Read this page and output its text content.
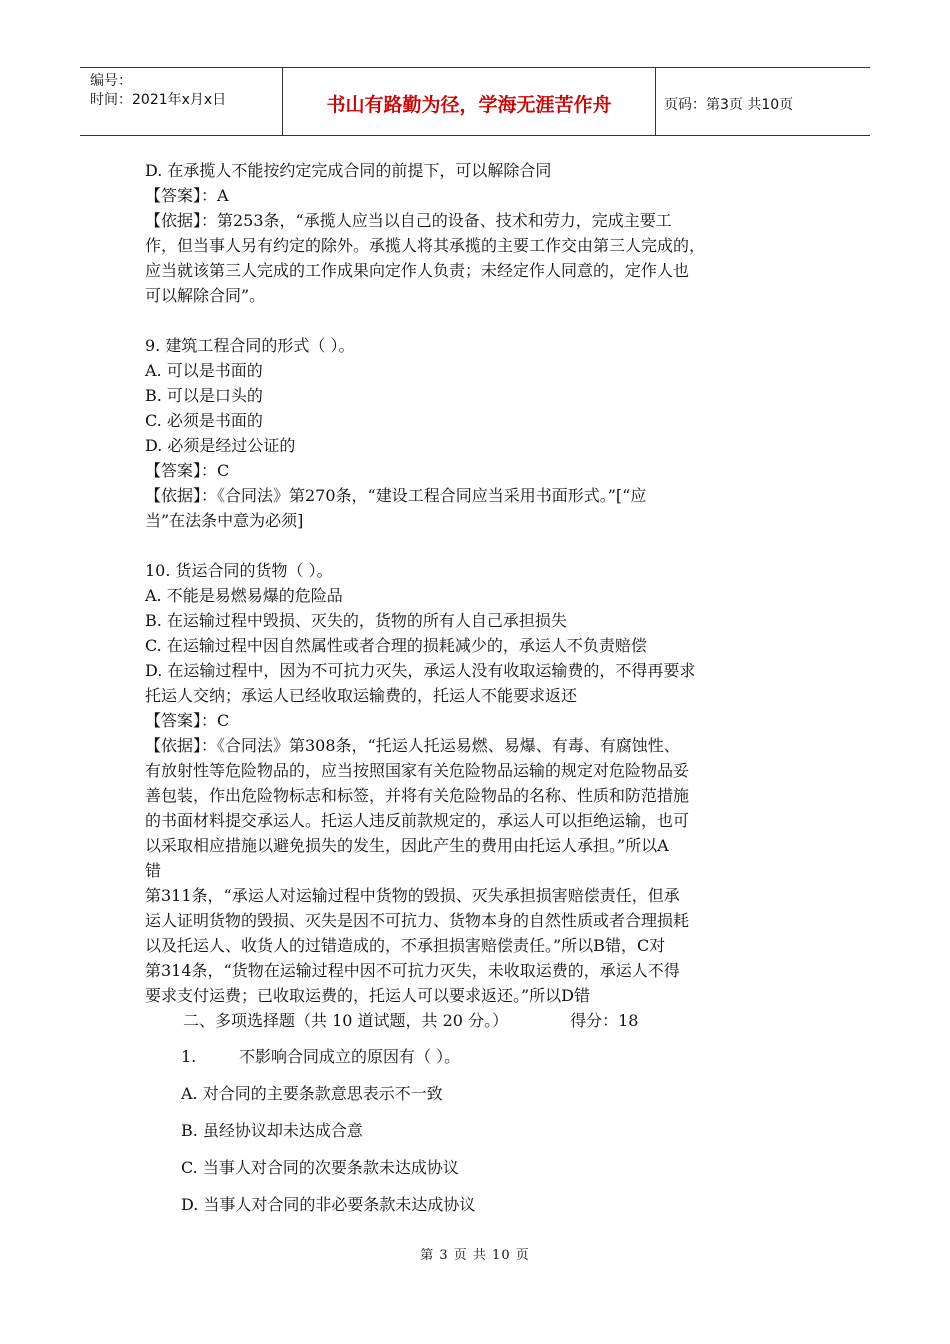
编号：
时间：2021年x月x日	书山有路勤为径，学海无涯苦作舟	页码：第3页 共10页

D. 在承揽人不能按约定完成合同的前提下，可以解除合同

【答案】：A

【依据】：第253条，“承揽人应当以自己的设备、技术和劳力，完成主要工

作，但当事人另有约定的除外。承揽人将其承揽的主要工作交由第三人完成的，

应当就该第三人完成的工作成果向定作人负责；未经定作人同意的，定作人也

可以解除合同”。

9. 建筑工程合同的形式（ ）。

A. 可以是书面的

B. 可以是口头的

C. 必须是书面的

D. 必须是经过公证的

【答案】：C

【依据】：《合同法》第270条，“建设工程合同应当采用书面形式。”[“应

当”在法条中意为必须]

10. 货运合同的货物（ ）。

A. 不能是易燃易爆的危险品

B. 在运输过程中毁损、灭失的，货物的所有人自己承担损失

C. 在运输过程中因自然属性或者合理的损耗减少的，承运人不负责赔偿

D. 在运输过程中，因为不可抗力灭失，承运人没有收取运输费的，不得再要求

托运人交纳；承运人已经收取运输费的，托运人不能要求返还

【答案】：C

【依据】：《合同法》第308条，“托运人托运易燃、易爆、有毒、有腐蚀性、

有放射性等危险物品的，应当按照国家有关危险物品运输的规定对危险物品妥

善包装，作出危险物标志和标签，并将有关危险物品的名称、性质和防范措施

的书面材料提交承运人。托运人违反前款规定的，承运人可以拒绝运输，也可

以采取相应措施以避免损失的发生，因此产生的费用由托运人承担。”所以A

错

第311条，“承运人对运输过程中货物的毁损、灭失承担损害赔偿责任，但承

运人证明货物的毁损、灭失是因不可抗力、货物本身的自然性质或者合理损耗

以及托运人、收货人的过错造成的，不承担损害赔偿责任。”所以B错，C对

第314条，“货物在运输过程中因不可抗力灭失，未收取运费的，承运人不得

要求支付运费；已收取运费的，托运人可以要求返还。”所以D错

二、多项选择题（共 10 道试题，共 20 分。）	得分：18

1.	不影响合同成立的原因有（ ）。

A. 对合同的主要条款意思表示不一致

B. 虽经协议却未达成合意

C. 当事人对合同的次要条款未达成协议

D. 当事人对合同的非必要条款未达成协议

第 3 页 共 10 页
